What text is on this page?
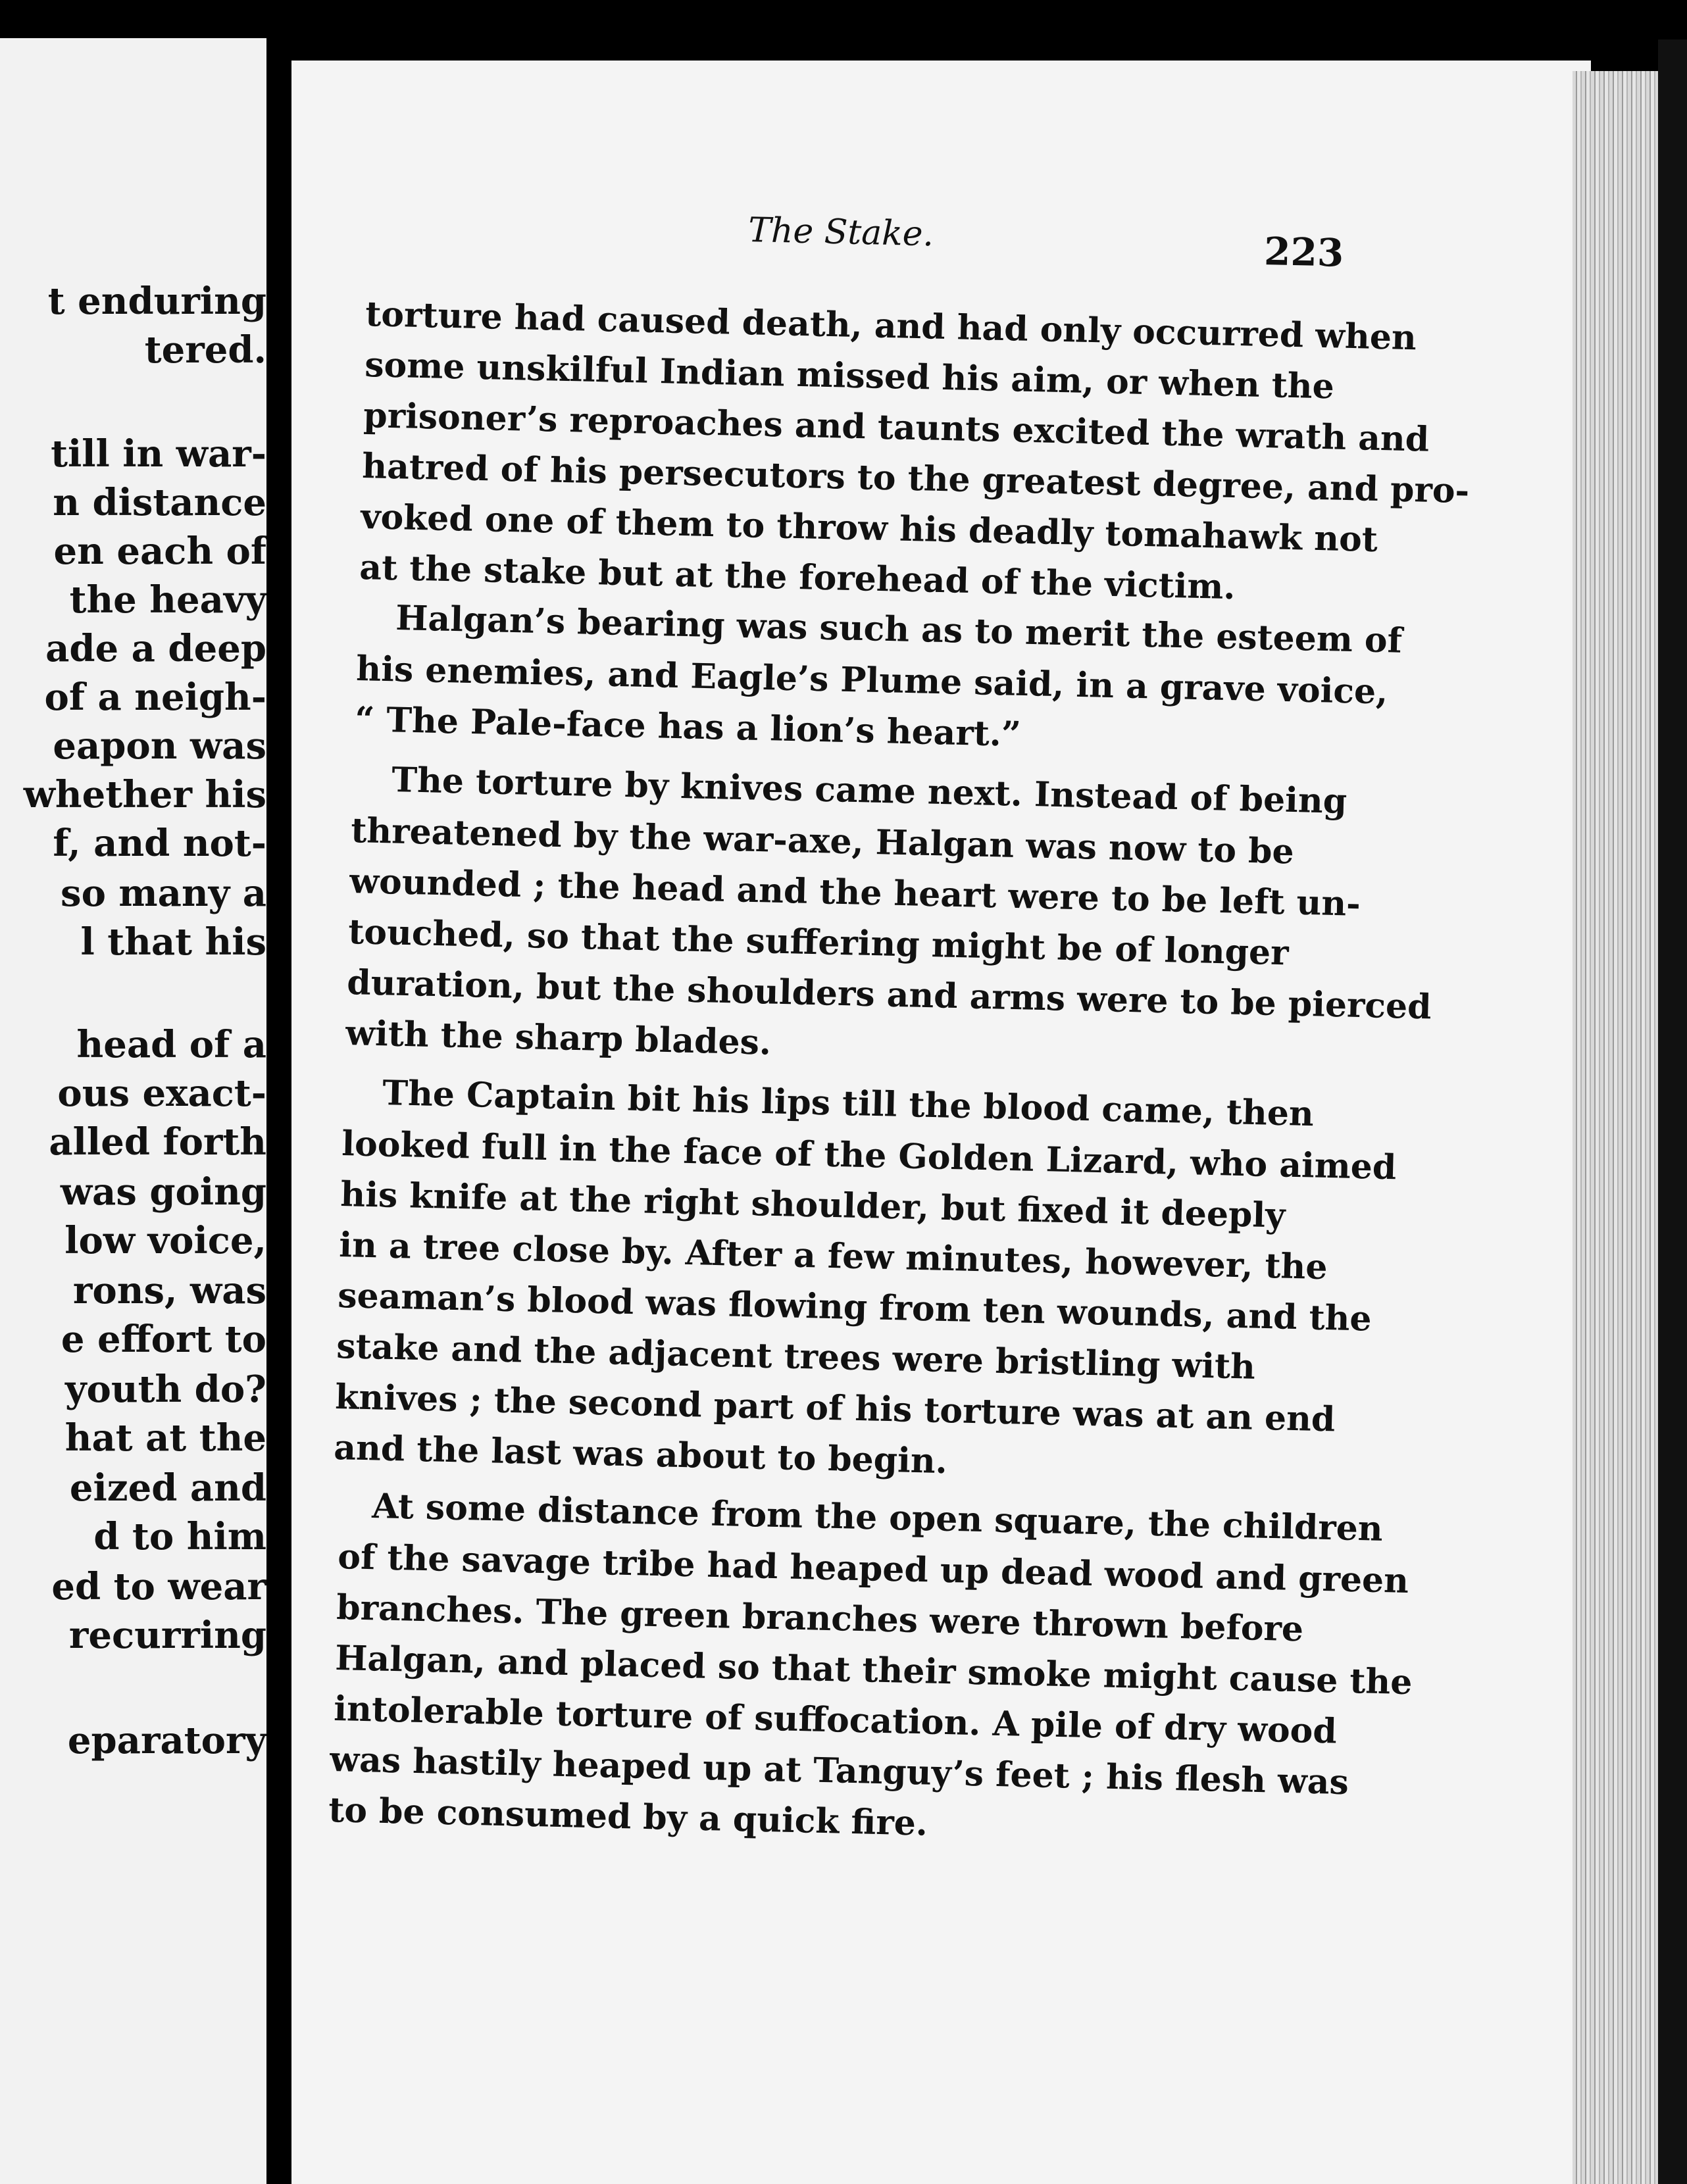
t enduring
tered.
till in war-
n distance
en each of
the heavy
ade a deep
of a neigh-
eapon was
whether his
f, and not-
so many a
l that his
head of a
ous exact-
alled forth
was going
low voice,
rons, was
e effort to
youth do?
hat at the
eized and
d to him
ed to wear
recurring
eparatory
The Stake.	223
torture had caused death, and had only occurred when
some unskilful Indian missed his aim, or when the
prisoner’s reproaches and taunts excited the wrath and
hatred of his persecutors to the greatest degree, and pro-
voked one of them to throw his deadly tomahawk not
at the stake but at the forehead of the victim.
Halgan’s bearing was such as to merit the esteem of
his enemies, and Eagle’s Plume said, in a grave voice,
“ The Pale-face has a lion’s heart.”
The torture by knives came next. Instead of being
threatened by the war-axe, Halgan was now to be
wounded ; the head and the heart were to be left un-
touched, so that the suffering might be of longer
duration, but the shoulders and arms were to be pierced
with the sharp blades.
The Captain bit his lips till the blood came, then
looked full in the face of the Golden Lizard, who aimed
his knife at the right shoulder, but fixed it deeply
in a tree close by. After a few minutes, however, the
seaman’s blood was flowing from ten wounds, and the
stake and the adjacent trees were bristling with
knives ; the second part of his torture was at an end
and the last was about to begin.
At some distance from the open square, the children
of the savage tribe had heaped up dead wood and green
branches. The green branches were thrown before
Halgan, and placed so that their smoke might cause the
intolerable torture of suffocation. A pile of dry wood
was hastily heaped up at Tanguy’s feet ; his flesh was
to be consumed by a quick fire.
